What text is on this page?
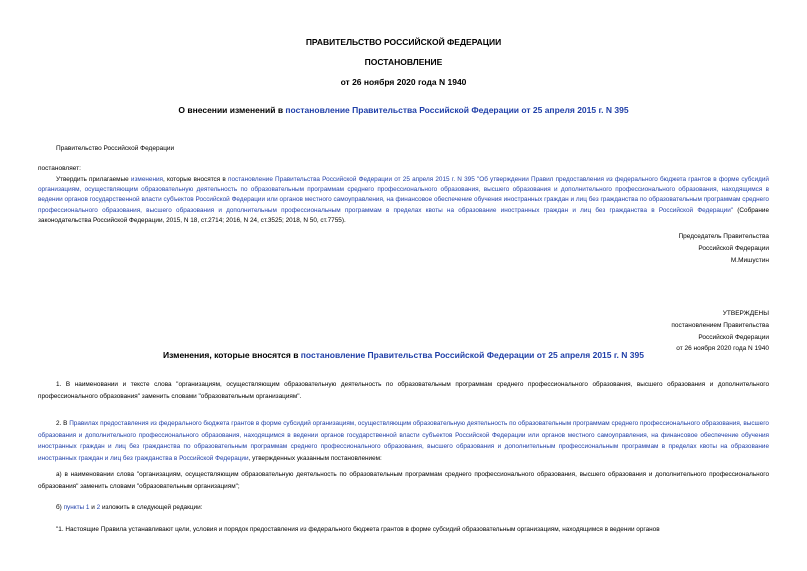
ПРАВИТЕЛЬСТВО РОССИЙСКОЙ ФЕДЕРАЦИИ
ПОСТАНОВЛЕНИЕ
от 26 ноября 2020 года N 1940
О внесении изменений в постановление Правительства Российской Федерации от 25 апреля 2015 г. N 395
Правительство Российской Федерации
постановляет:
Утвердить прилагаемые изменения, которые вносятся в постановление Правительства Российской Федерации от 25 апреля 2015 г. N 395 "Об утверждении Правил предоставления из федерального бюджета грантов в форме субсидий организациям, осуществляющим образовательную деятельность по образовательным программам среднего профессионального образования, высшего образования и дополнительного профессионального образования, находящимся в ведении органов государственной власти субъектов Российской Федерации или органов местного самоуправления, на финансовое обеспечение обучения иностранных граждан и лиц без гражданства по образовательным программам среднего профессионального образования, высшего образования и дополнительным профессиональным программам в пределах квоты на образование иностранных граждан и лиц без гражданства в Российской Федерации" (Собрание законодательства Российской Федерации, 2015, N 18, ст.2714; 2016, N 24, ст.3525; 2018, N 50, ст.7755).
Председатель Правительства
Российской Федерации
М.Мишустин
УТВЕРЖДЕНЫ
постановлением Правительства
Российской Федерации
от 26 ноября 2020 года N 1940
Изменения, которые вносятся в постановление Правительства Российской Федерации от 25 апреля 2015 г. N 395
1. В наименовании и тексте слова "организациям, осуществляющим образовательную деятельность по образовательным программам среднего профессионального образования, высшего образования и дополнительного профессионального образования" заменить словами "образовательным организациям".
2. В Правилах предоставления из федерального бюджета грантов в форме субсидий организациям, осуществляющим образовательную деятельность по образовательным программам среднего профессионального образования, высшего образования и дополнительного профессионального образования, находящимся в ведении органов государственной власти субъектов Российской Федерации или органов местного самоуправления, на финансовое обеспечение обучения иностранных граждан и лиц без гражданства по образовательным программам среднего профессионального образования, высшего образования и дополнительным профессиональным программам в пределах квоты на образование иностранных граждан и лиц без гражданства в Российской Федерации, утвержденных указанным постановлением:
а) в наименовании слова "организациям, осуществляющим образовательную деятельность по образовательным программам среднего профессионального образования, высшего образования и дополнительного профессионального образования" заменить словами "образовательным организациям";
б) пункты 1 и 2 изложить в следующей редакции:
"1. Настоящие Правила устанавливают цели, условия и порядок предоставления из федерального бюджета грантов в форме субсидий образовательным организациям, находящимся в ведении органов
